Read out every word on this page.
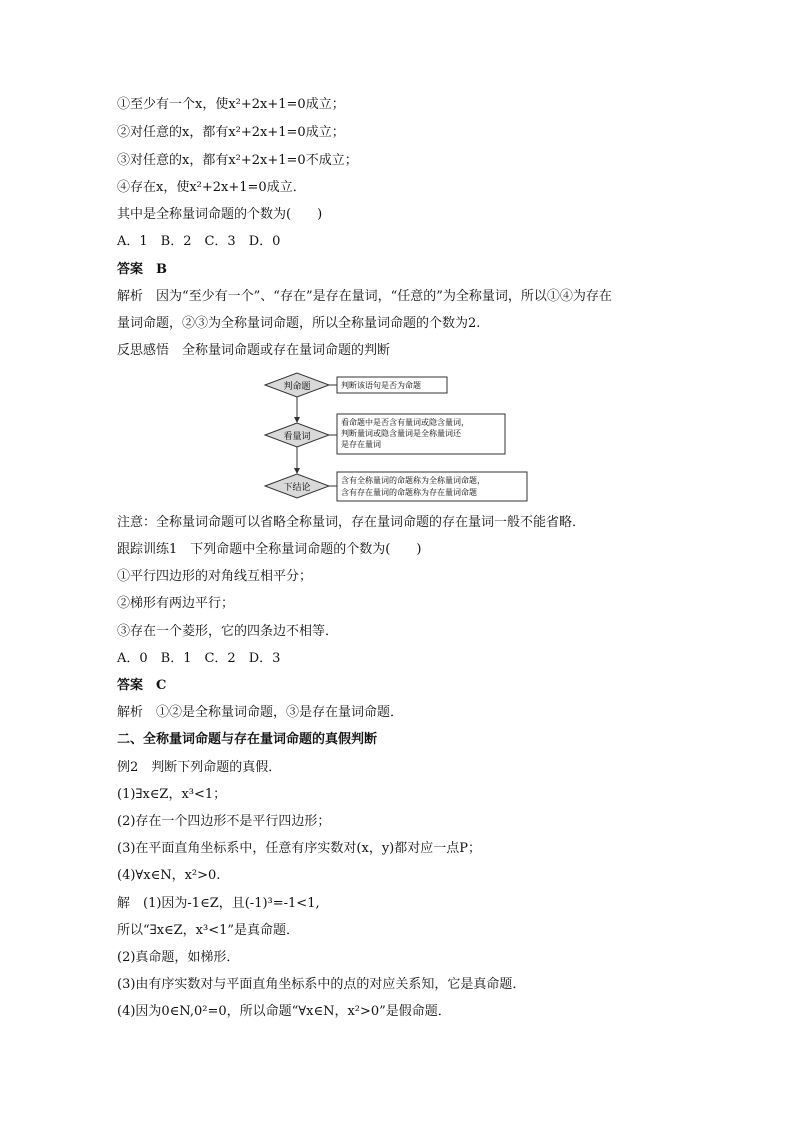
①至少有一个x，使x²+2x+1=0成立；
②对任意的x，都有x²+2x+1=0成立；
③对任意的x，都有x²+2x+1=0不成立；
④存在x，使x²+2x+1=0成立．
其中是全称量词命题的个数为(　　)
A．1　B．2　C．3　D．0
答案　B
解析　因为“至少有一个”、“存在”是存在量词，“任意的”为全称量词，所以①④为存在
量词命题，②③为全称量词命题，所以全称量词命题的个数为2.
反思感悟　全称量词命题或存在量词命题的判断
判命题	判断该语句是否为命题
看量词
看命题中是否含有量词或隐含量词，
判断量词或隐含量词是全称量词还
是存在量词
下结论
含有全称量词的命题称为全称量词命题，
含有存在量词的命题称为存在量词命题
注意：全称量词命题可以省略全称量词，存在量词命题的存在量词一般不能省略．
跟踪训练1　下列命题中全称量词命题的个数为(　　)
①平行四边形的对角线互相平分；
②梯形有两边平行；
③存在一个菱形，它的四条边不相等．
A．0　B．1　C．2　D．3
答案　C
解析　①②是全称量词命题，③是存在量词命题．
二、全称量词命题与存在量词命题的真假判断
例2　判断下列命题的真假．
(1)∃x∈Z，x³<1；
(2)存在一个四边形不是平行四边形；
(3)在平面直角坐标系中，任意有序实数对(x，y)都对应一点P；
(4)∀x∈N，x²>0.
解　(1)因为-1∈Z，且(-1)³=-1<1,
所以“∃x∈Z，x³<1”是真命题．
(2)真命题，如梯形．
(3)由有序实数对与平面直角坐标系中的点的对应关系知，它是真命题．
(4)因为0∈N,0²=0，所以命题“∀x∈N，x²>0”是假命题．
